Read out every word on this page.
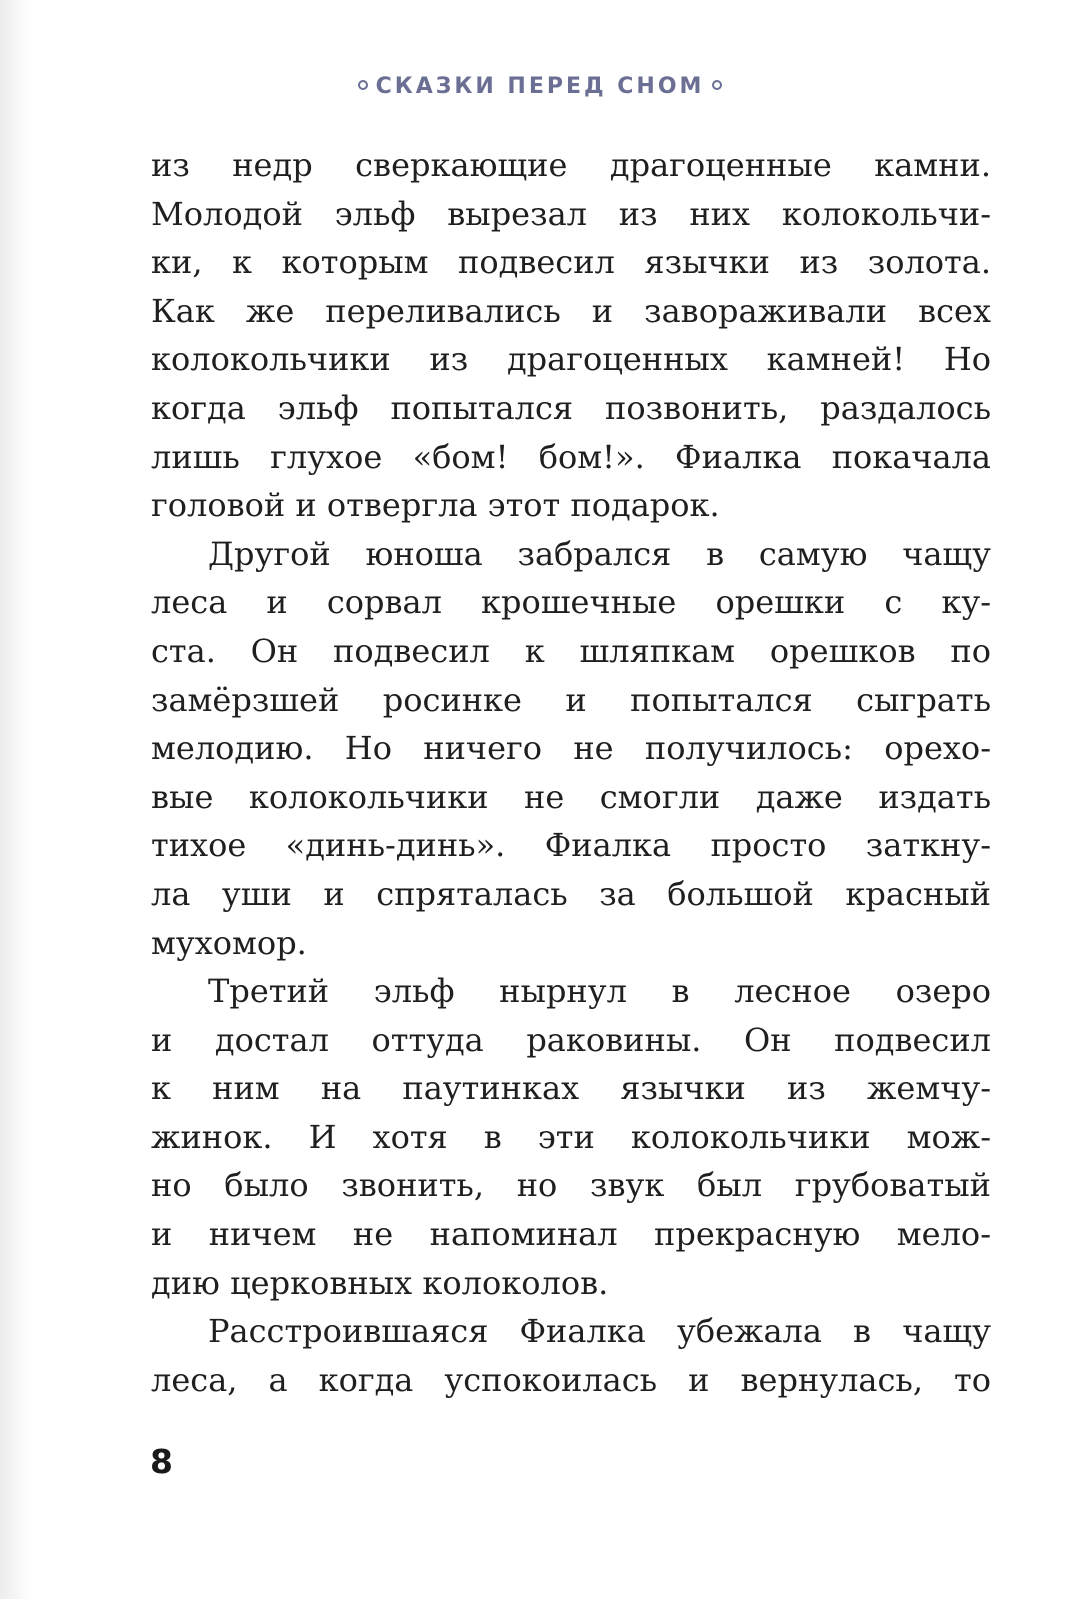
СКАЗКИ ПЕРЕД СНОМ
из недр сверкающие драгоценные камни.
Молодой эльф вырезал из них колокольчи-
ки, к которым подвесил язычки из золота.
Как же переливались и завораживали всех
колокольчики из драгоценных камней! Но
когда эльф попытался позвонить, раздалось
лишь глухое «бом! бом!». Фиалка покачала
головой и отвергла этот подарок.
Другой юноша забрался в самую чащу
леса и сорвал крошечные орешки с ку-
ста. Он подвесил к шляпкам орешков по
замёрзшей росинке и попытался сыграть
мелодию. Но ничего не получилось: орехо-
вые колокольчики не смогли даже издать
тихое «динь-динь». Фиалка просто заткну-
ла уши и спряталась за большой красный
мухомор.
Третий эльф нырнул в лесное озеро
и достал оттуда раковины. Он подвесил
к ним на паутинках язычки из жемчу-
жинок. И хотя в эти колокольчики мож-
но было звонить, но звук был грубоватый
и ничем не напоминал прекрасную мело-
дию церковных колоколов.
Расстроившаяся Фиалка убежала в чащу
леса, а когда успокоилась и вернулась, то
8
